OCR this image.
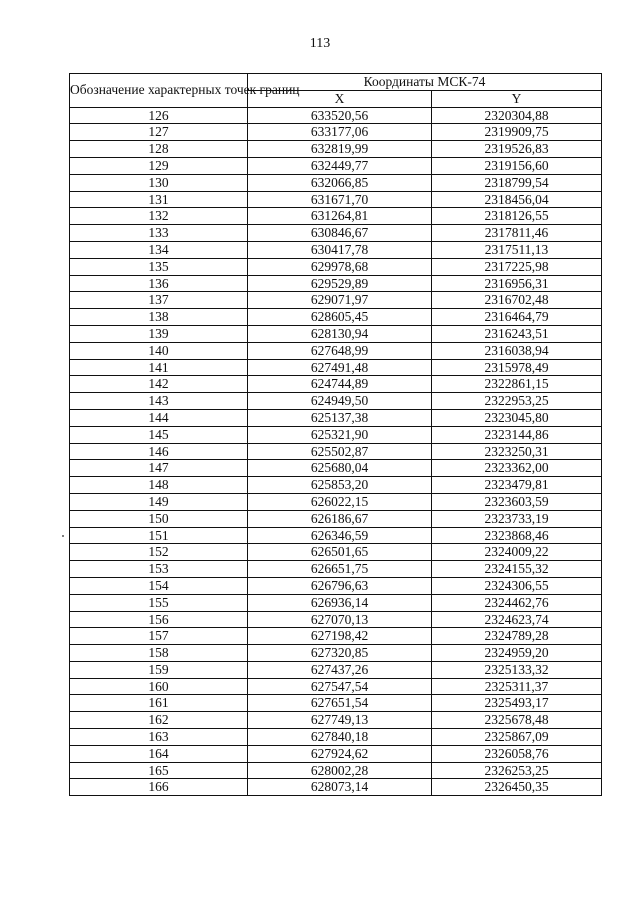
113
Обозначение характерных точек границ	Координаты МСК-74	
	X	Y
126	633520,56	2320304,88
127	633177,06	2319909,75
128	632819,99	2319526,83
129	632449,77	2319156,60
130	632066,85	2318799,54
131	631671,70	2318456,04
132	631264,81	2318126,55
133	630846,67	2317811,46
134	630417,78	2317511,13
135	629978,68	2317225,98
136	629529,89	2316956,31
137	629071,97	2316702,48
138	628605,45	2316464,79
139	628130,94	2316243,51
140	627648,99	2316038,94
141	627491,48	2315978,49
142	624744,89	2322861,15
143	624949,50	2322953,25
144	625137,38	2323045,80
145	625321,90	2323144,86
146	625502,87	2323250,31
147	625680,04	2323362,00
148	625853,20	2323479,81
149	626022,15	2323603,59
150	626186,67	2323733,19
151	626346,59	2323868,46
152	626501,65	2324009,22
153	626651,75	2324155,32
154	626796,63	2324306,55
155	626936,14	2324462,76
156	627070,13	2324623,74
157	627198,42	2324789,28
158	627320,85	2324959,20
159	627437,26	2325133,32
160	627547,54	2325311,37
161	627651,54	2325493,17
162	627749,13	2325678,48
163	627840,18	2325867,09
164	627924,62	2326058,76
165	628002,28	2326253,25
166	628073,14	2326450,35
